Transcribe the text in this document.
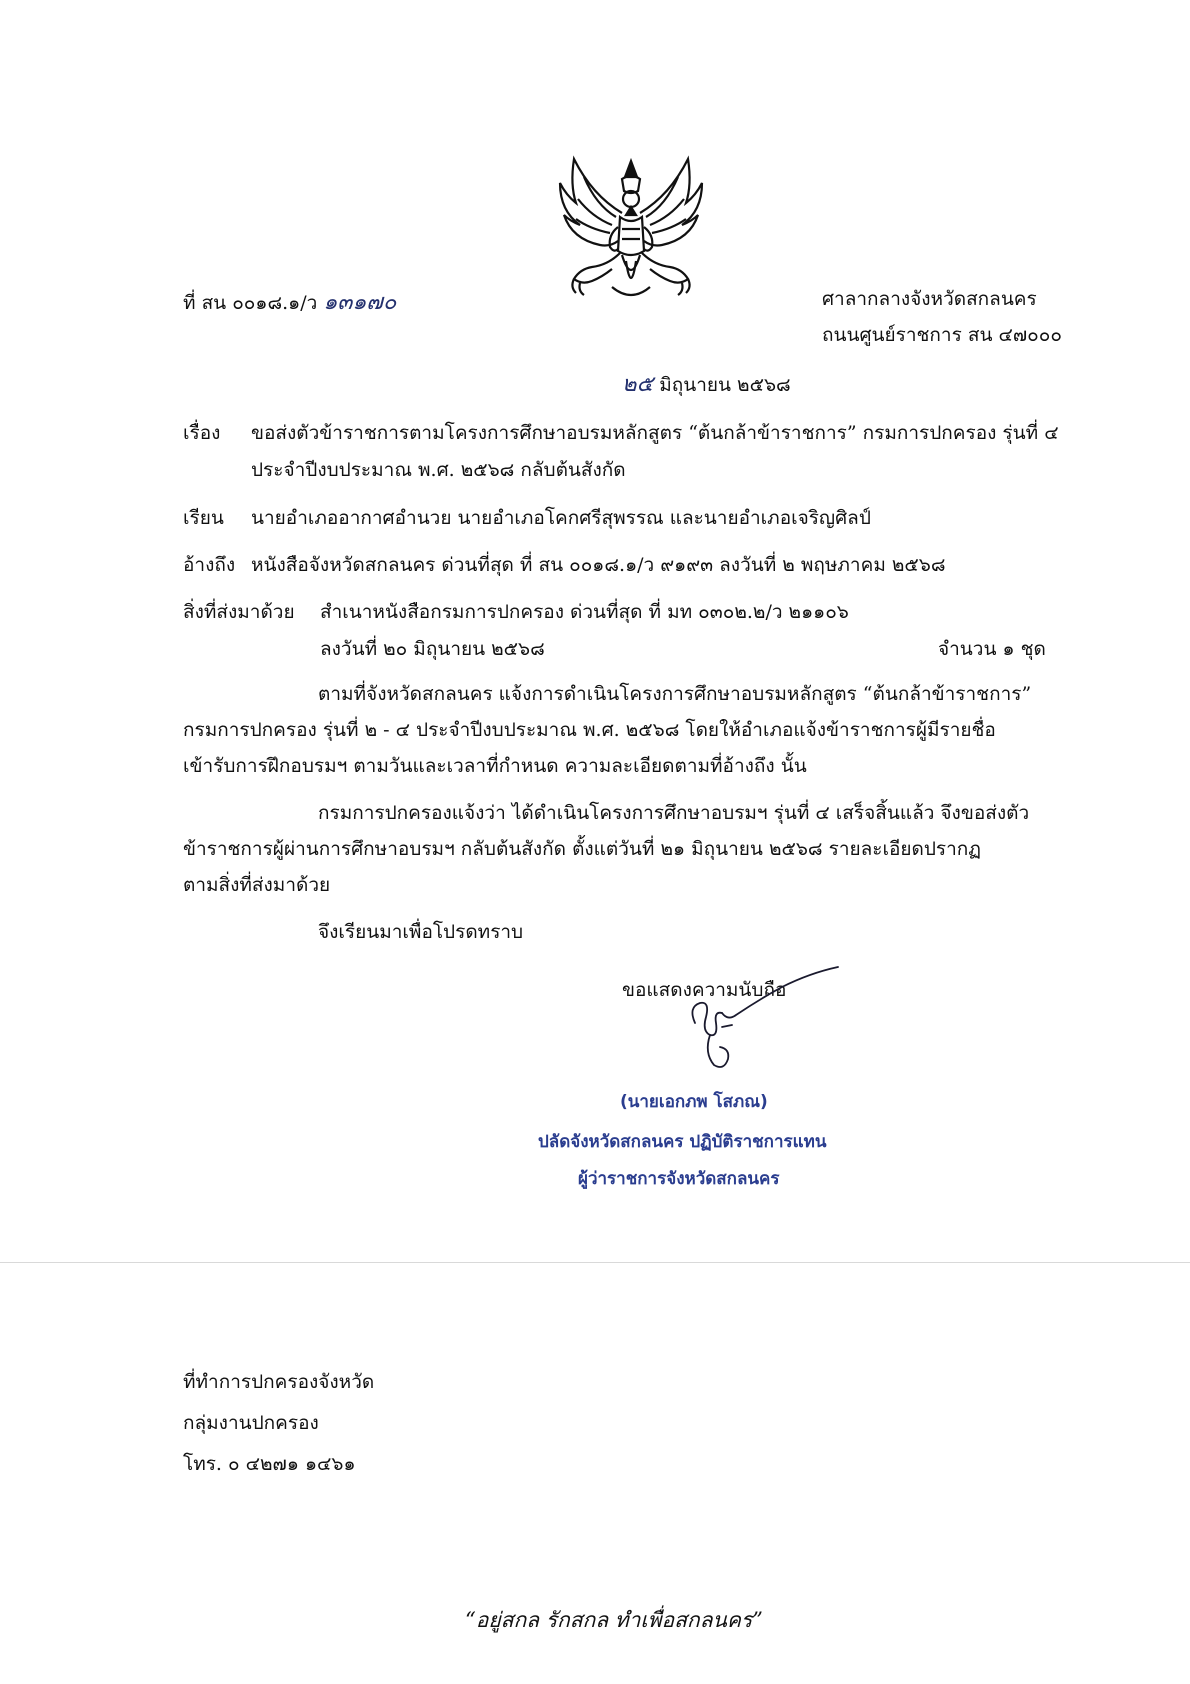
ที่ สน ๐๐๑๘.๑/ว ๑๓๑๗๐	ศาลากลางจังหวัดสกลนคร
ถนนศูนย์ราชการ สน ๔๗๐๐๐
๒๕ มิถุนายน ๒๕๖๘
เรื่อง ขอส่งตัวข้าราชการตามโครงการศึกษาอบรมหลักสูตร “ต้นกล้าข้าราชการ” กรมการปกครอง รุ่นที่ ๔
ประจำปีงบประมาณ พ.ศ. ๒๕๖๘ กลับต้นสังกัด
เรียน นายอำเภออากาศอำนวย นายอำเภอโคกศรีสุพรรณ และนายอำเภอเจริญศิลป์
อ้างถึง หนังสือจังหวัดสกลนคร ด่วนที่สุด ที่ สน ๐๐๑๘.๑/ว ๙๑๙๓ ลงวันที่ ๒ พฤษภาคม ๒๕๖๘
สิ่งที่ส่งมาด้วย สำเนาหนังสือกรมการปกครอง ด่วนที่สุด ที่ มท ๐๓๐๒.๒/ว ๒๑๑๐๖
ลงวันที่ ๒๐ มิถุนายน ๒๕๖๘	จำนวน ๑ ชุด
ตามที่จังหวัดสกลนคร แจ้งการดำเนินโครงการศึกษาอบรมหลักสูตร “ต้นกล้าข้าราชการ”
กรมการปกครอง รุ่นที่ ๒ - ๔ ประจำปีงบประมาณ พ.ศ. ๒๕๖๘ โดยให้อำเภอแจ้งข้าราชการผู้มีรายชื่อ
เข้ารับการฝึกอบรมฯ ตามวันและเวลาที่กำหนด ความละเอียดตามที่อ้างถึง นั้น
กรมการปกครองแจ้งว่า ได้ดำเนินโครงการศึกษาอบรมฯ รุ่นที่ ๔ เสร็จสิ้นแล้ว จึงขอส่งตัว
ข้าราชการผู้ผ่านการศึกษาอบรมฯ กลับต้นสังกัด ตั้งแต่วันที่ ๒๑ มิถุนายน ๒๕๖๘ รายละเอียดปรากฏ
ตามสิ่งที่ส่งมาด้วย
จึงเรียนมาเพื่อโปรดทราบ
ขอแสดงความนับถือ
(นายเอกภพ โสภณ)
ปลัดจังหวัดสกลนคร ปฏิบัติราชการแทน
ผู้ว่าราชการจังหวัดสกลนคร
ที่ทำการปกครองจังหวัด
กลุ่มงานปกครอง
โทร. ๐ ๔๒๗๑ ๑๔๖๑
“อยู่สกล รักสกล ทำเพื่อสกลนคร”
